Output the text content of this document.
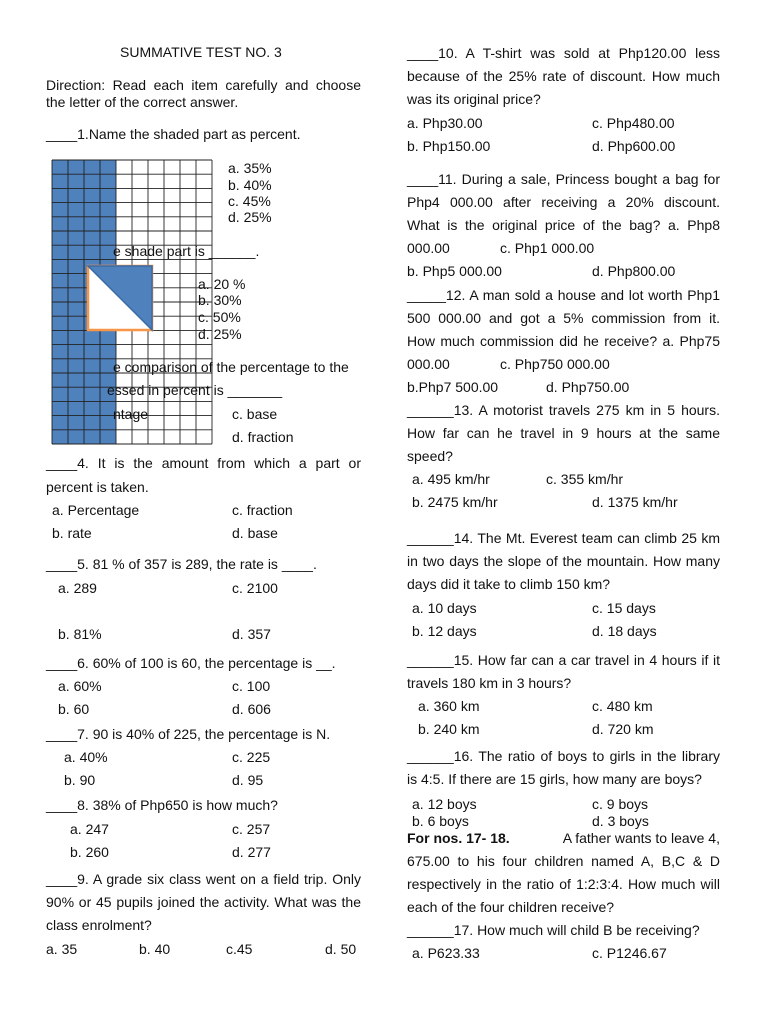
SUMMATIVE TEST NO. 3
Direction: Read each item carefully and choose
the letter of the correct answer.
____1.Name the shaded part as percent.
a. 35%
b. 40%
c. 45%
d. 25%
e shade part is ______.
a. 20 %
b. 30%
c. 50%
d. 25%
e comparison of the percentage to the
essed in percent is _______
ntage	c. base
d. fraction
____4. It is the amount from which a part or
percent is taken.
a. Percentage	c. fraction
b. rate	d. base
____5. 81 % of 357 is 289, the rate is ____.
a. 289	c. 2100
b. 81%	d. 357
____6. 60% of 100 is 60, the percentage is __.
a. 60%	c. 100
b. 60	d. 606
____7. 90 is 40% of 225, the percentage is N.
a. 40%	c. 225
b. 90	d. 95
____8. 38% of Php650 is how much?
a. 247	c. 257
b. 260	d. 277
____9. A grade six class went on a field trip. Only
90% or 45 pupils joined the activity. What was the
class enrolment?
a. 35	b. 40	c.45	d. 50
____10. A T-shirt was sold at Php120.00 less
because of the 25% rate of discount. How much
was its original price?
a. Php30.00	c. Php480.00
b. Php150.00	d. Php600.00
____11. During a sale, Princess bought a bag for
Php4 000.00 after receiving a 20% discount.
What is the original price of the bag? a. Php8
000.00	c. Php1 000.00
b. Php5 000.00	d. Php800.00
_____12. A man sold a house and lot worth Php1
500 000.00 and got a 5% commission from it.
How much commission did he receive? a. Php75
000.00	c. Php750 000.00
b.Php7 500.00	d. Php750.00
______13. A motorist travels 275 km in 5 hours.
How far can he travel in 9 hours at the same
speed?
a. 495 km/hr	c. 355 km/hr
b. 2475 km/hr	d. 1375 km/hr
______14. The Mt. Everest team can climb 25 km
in two days the slope of the mountain. How many
days did it take to climb 150 km?
a. 10 days	c. 15 days
b. 12 days	d. 18 days
______15. How far can a car travel in 4 hours if it
travels 180 km in 3 hours?
a. 360 km	c. 480 km
b. 240 km	d. 720 km
______16. The ratio of boys to girls in the library
is 4:5. If there are 15 girls, how many are boys?
a. 12 boys	c. 9 boys
b. 6 boys	d. 3 boys
For nos. 17- 18.	A father wants to leave 4,
675.00 to his four children named A, B,C & D
respectively in the ratio of 1:2:3:4. How much will
each of the four children receive?
______17. How much will child B be receiving?
a. P623.33	c. P1246.67
